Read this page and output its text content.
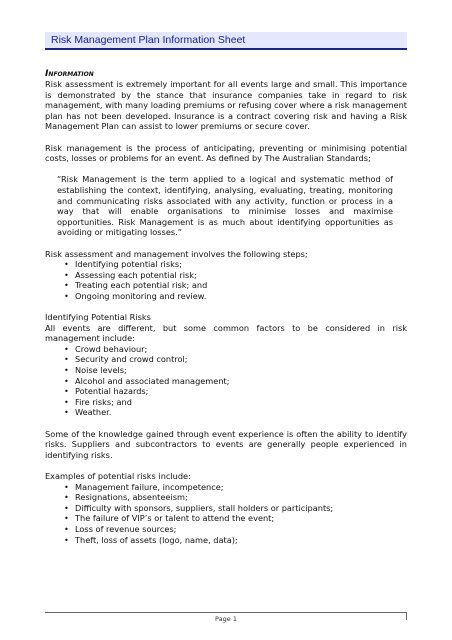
Risk Management Plan Information Sheet
Information

Risk assessment is extremely important for all events large and small. This importance is demonstrated by the stance that insurance companies take in regard to risk management, with many loading premiums or refusing cover where a risk management plan has not been developed. Insurance is a contract covering risk and having a Risk Management Plan can assist to lower premiums or secure cover.

Risk management is the process of anticipating, preventing or minimising potential costs, losses or problems for an event. As defined by The Australian Standards;

“Risk Management is the term applied to a logical and systematic method of establishing the context, identifying, analysing, evaluating, treating, monitoring and communicating risks associated with any activity, function or process in a way that will enable organisations to minimise losses and maximise opportunities. Risk Management is as much about identifying opportunities as avoiding or mitigating losses.”

Risk assessment and management involves the following steps;

• Identifying potential risks;
• Assessing each potential risk;
• Treating each potential risk; and
• Ongoing monitoring and review.

Identifying Potential Risks

All events are different, but some common factors to be considered in risk management include:

• Crowd behaviour;
• Security and crowd control;
• Noise levels;
• Alcohol and associated management;
• Potential hazards;
• Fire risks; and
• Weather.

Some of the knowledge gained through event experience is often the ability to identify risks. Suppliers and subcontractors to events are generally people experienced in identifying risks.

Examples of potential risks include:

• Management failure, incompetence;
• Resignations, absenteeism;
• Difficulty with sponsors, suppliers, stall holders or participants;
• The failure of VIP’s or talent to attend the event;
• Loss of revenue sources;
• Theft, loss of assets (logo, name, data);
Page 1
